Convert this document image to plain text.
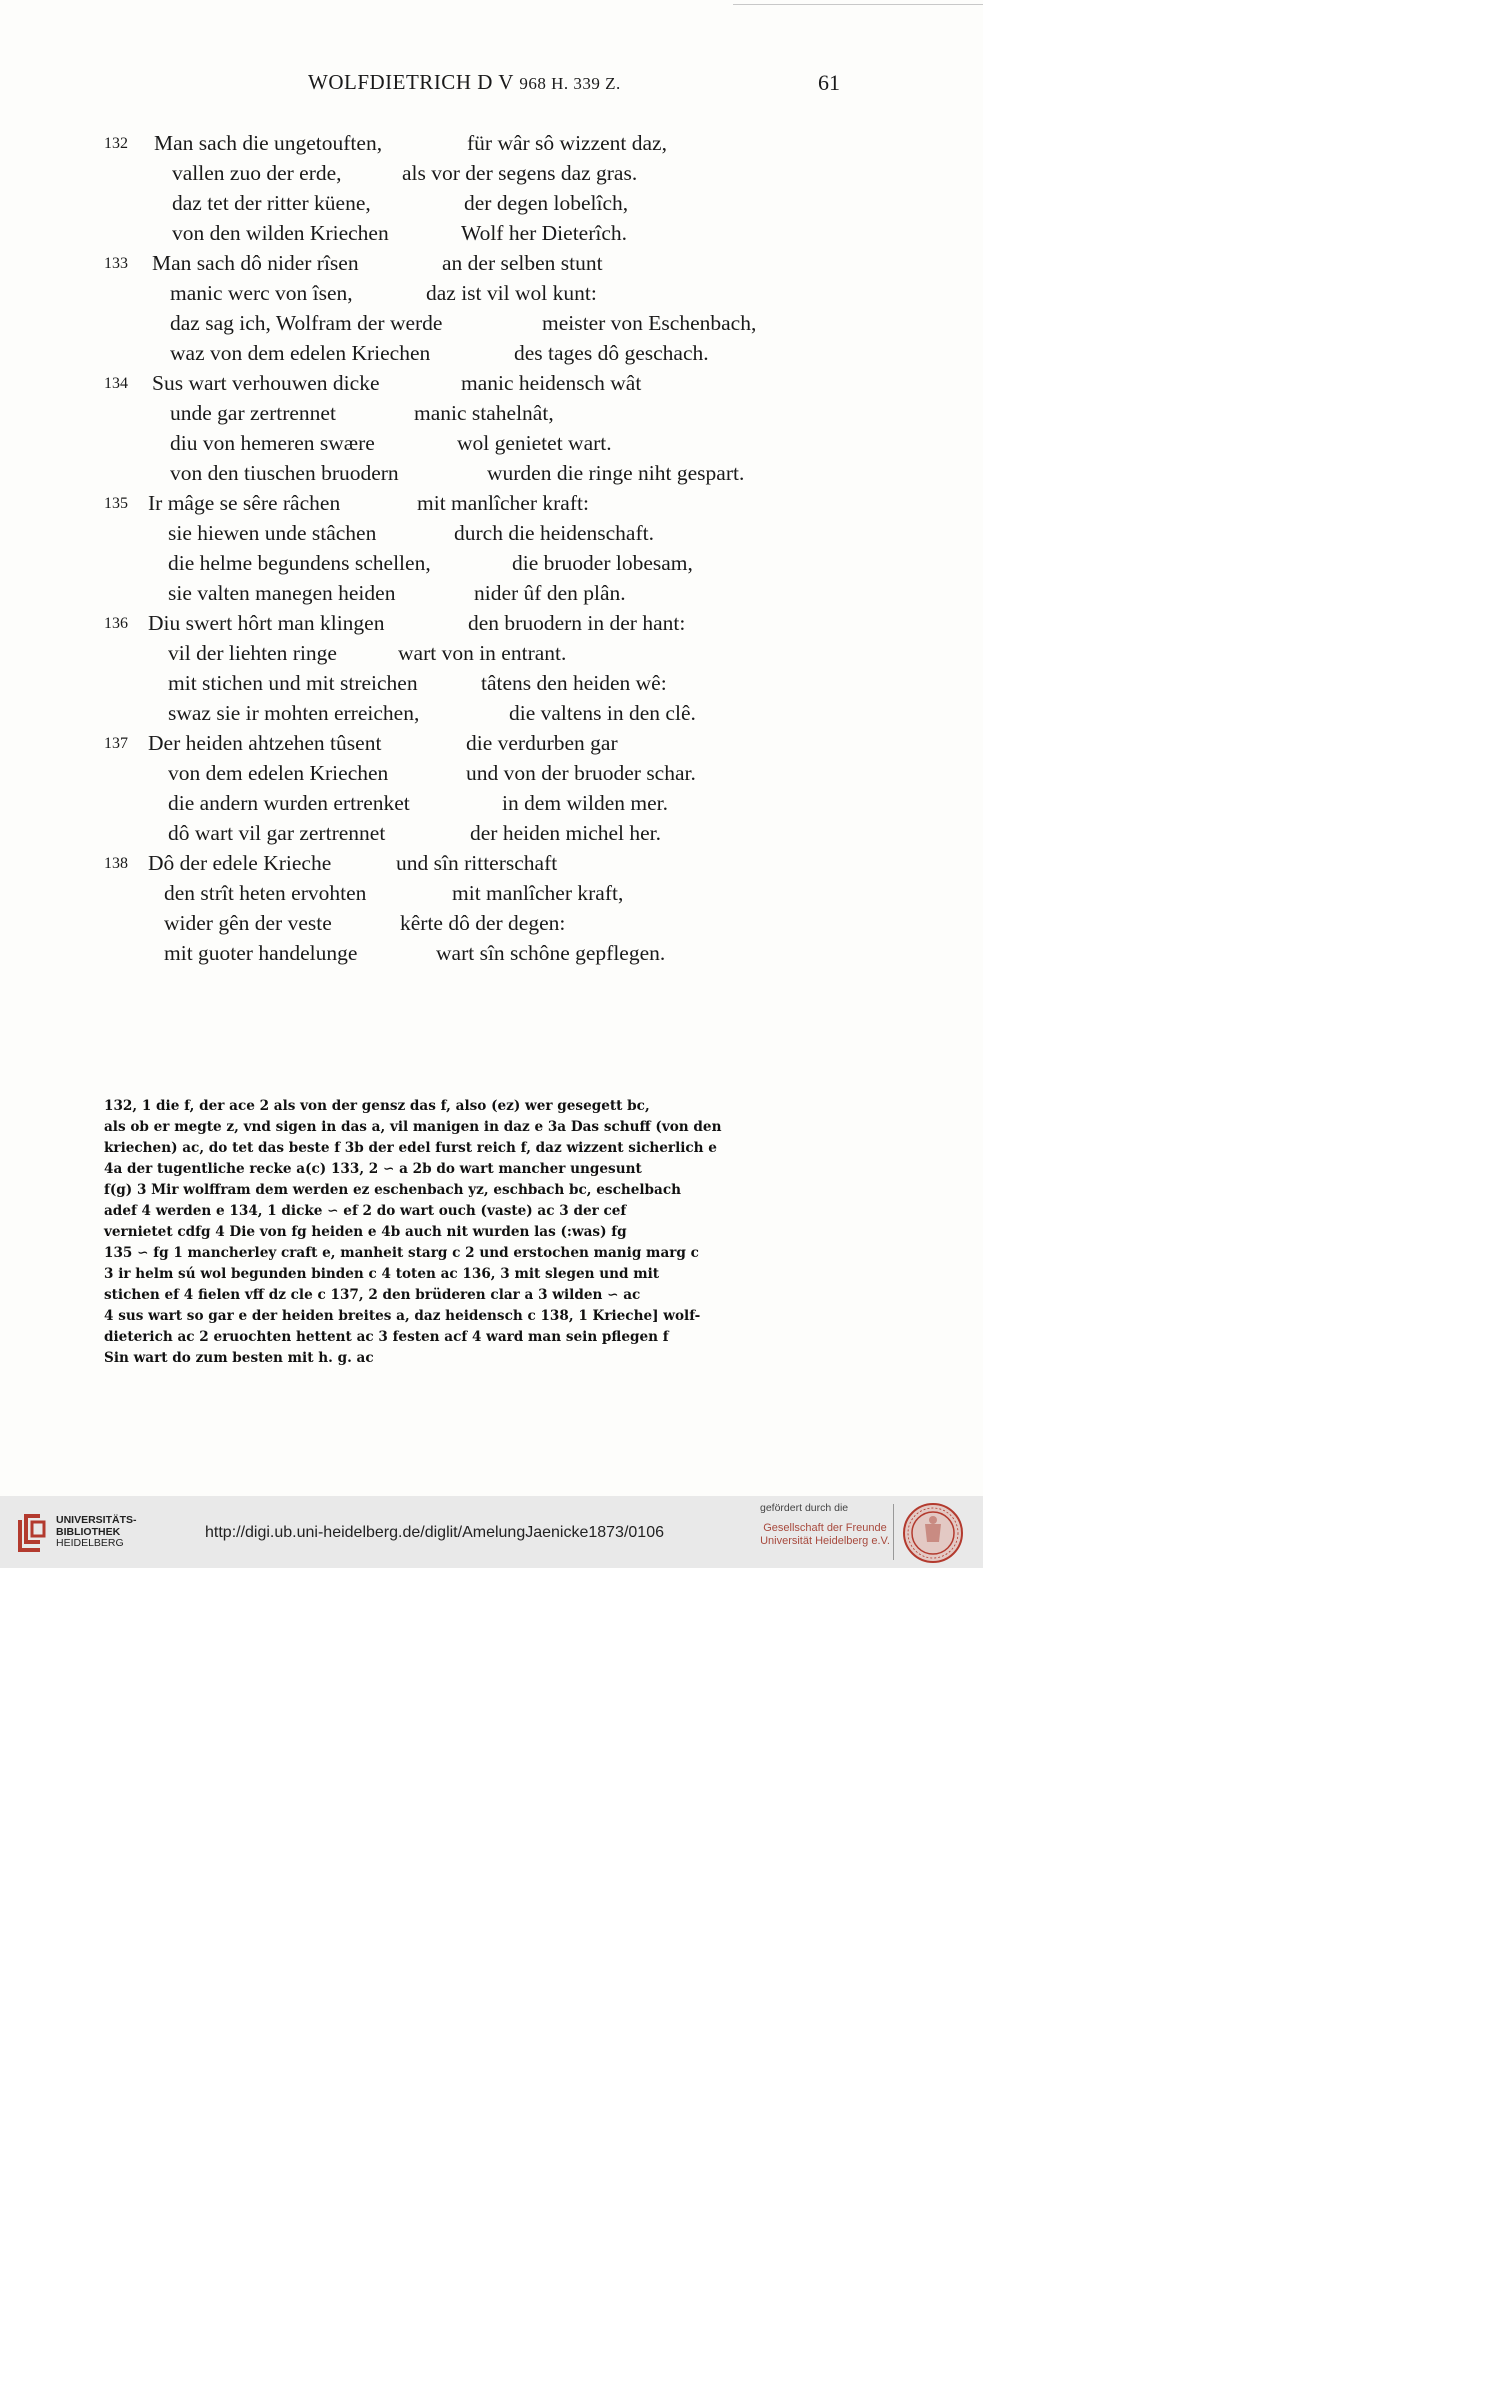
WOLFDIETRICH D V 968 H. 339 Z.	61
132 Man sach die ungetouften,	für wâr sô wizzent daz,
vallen zuo der erde,	als vor der segens daz gras.
daz tet der ritter küene,	der degen lobelîch,
von den wilden Kriechen	Wolf her Dieterîch.
133 Man sach dô nider rîsen	an der selben stunt
manic werc von îsen,	daz ist vil wol kunt:
daz sag ich, Wolfram der werde	meister von Eschenbach,
waz von dem edelen Kriechen	des tages dô geschach.
134 Sus wart verhouwen dicke	manic heidensch wât
unde gar zertrennet	manic stahelnât,
diu von hemeren swære	wol genietet wart.
von den tiuschen bruodern	wurden die ringe niht gespart.
135 Ir mâge se sêre râchen	mit manlîcher kraft:
sie hiewen unde stâchen	durch die heidenschaft.
die helme begundens schellen,	die bruoder lobesam,
sie valten manegen heiden	nider ûf den plân.
136 Diu swert hôrt man klingen	den bruodern in der hant:
vil der liehten ringe	wart von in entrant.
mit stichen und mit streichen	tâtens den heiden wê:
swaz sie ir mohten erreichen,	die valtens in den clê.
137 Der heiden ahtzehen tûsent	die verdurben gar
von dem edelen Kriechen	und von der bruoder schar.
die andern wurden ertrenket	in dem wilden mer.
dô wart vil gar zertrennet	der heiden michel her.
138 Dô der edele Krieche	und sîn ritterschaft
den strît heten ervohten	mit manlîcher kraft,
wider gên der veste	kêrte dô der degen:
mit guoter handelunge	wart sîn schône gepflegen.
132, 1 die f, der ace 2 als von der gensz das f, also (ez) wer gesegett bc,
als ob er megte z, vnd sigen in das a, vil manigen in daz e 3a Das schuff (von den
kriechen) ac, do tet das beste f 3b der edel furst reich f, daz wizzent sicherlich e
4a der tugentliche recke a(c) 133, 2 ∽ a 2b do wart mancher ungesunt
f(g) 3 Mir wolffram dem werden ez eschenbach yz, eschbach bc, eschelbach
adef 4 werden e 134, 1 dicke ∽ ef 2 do wart ouch (vaste) ac 3 der cef
vernietet cdfg 4 Die von fg heiden e 4b auch nit wurden las (:was) fg
135 ∽ fg 1 mancherley craft e, manheit starg c 2 und erstochen manig marg c
3 ir helm sú wol begunden binden c 4 toten ac 136, 3 mit slegen und mit
stichen ef 4 fielen vff dz cle c 137, 2 den brüderen clar a 3 wilden ∽ ac
4 sus wart so gar e der heiden breites a, daz heidensch c 138, 1 Krieche] wolf-
dieterich ac 2 eruochten hettent ac 3 festen acf 4 ward man sein pflegen f
Sin wart do zum besten mit h. g. ac
UNIVERSITÄTS-
BIBLIOTHEK
HEIDELBERG
http://digi.ub.uni-heidelberg.de/diglit/AmelungJaenicke1873/0106
gefördert durch die
Gesellschaft der Freunde
Universität Heidelberg e.V.
